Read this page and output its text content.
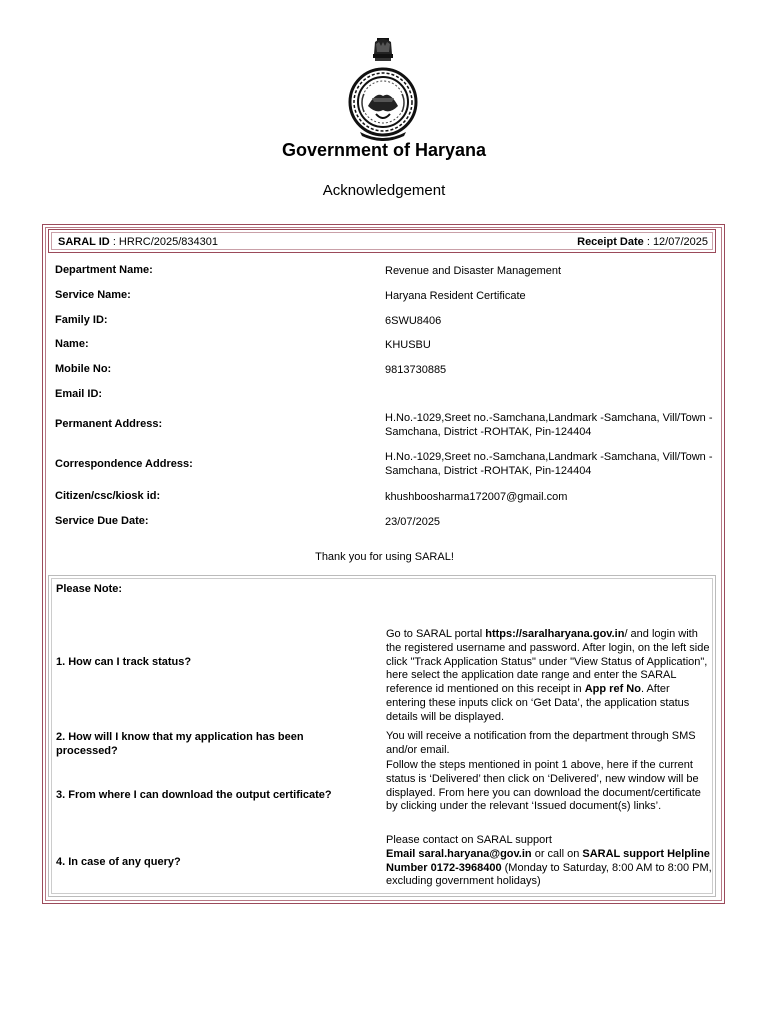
Government of Haryana
Acknowledgement
SARAL ID : HRRC/2025/834301	Receipt Date : 12/07/2025
Department Name:	Revenue and Disaster Management
Service Name:	Haryana Resident Certificate
Family ID:	6SWU8406
Name:	KHUSBU
Mobile No:	9813730885
Email ID:
Permanent Address:	H.No.-1029,Sreet no.-Samchana,Landmark -Samchana, Vill/Town -Samchana, District -ROHTAK, Pin-124404
Correspondence Address:
H.No.-1029,Sreet no.-Samchana,Landmark -Samchana, Vill/Town -Samchana, District -ROHTAK, Pin-124404
Citizen/csc/kiosk id:	khushboosharma172007@gmail.com
Service Due Date:	23/07/2025
Thank you for using SARAL!
Please Note:
1. How can I track status?
Go to SARAL portal https://saralharyana.gov.in/ and login with the registered username and password. After login, on the left side click "Track Application Status" under "View Status of Application", here select the application date range and enter the SARAL reference id mentioned on this receipt in App ref No. After entering these inputs click on ‘Get Data’, the application status details will be displayed.
2. How will I know that my application has been processed?
You will receive a notification from the department through SMS and/or email.
3. From where I can download the output certificate?
Follow the steps mentioned in point 1 above, here if the current status is ‘Delivered’ then click on ‘Delivered’, new window will be displayed. From here you can download the document/certificate by clicking under the relevant ‘Issued document(s) links’.
4. In case of any query?
Please contact on SARAL support
Email saral.haryana@gov.in or call on SARAL support Helpline Number 0172-3968400 (Monday to Saturday, 8:00 AM to 8:00 PM, excluding government holidays)
